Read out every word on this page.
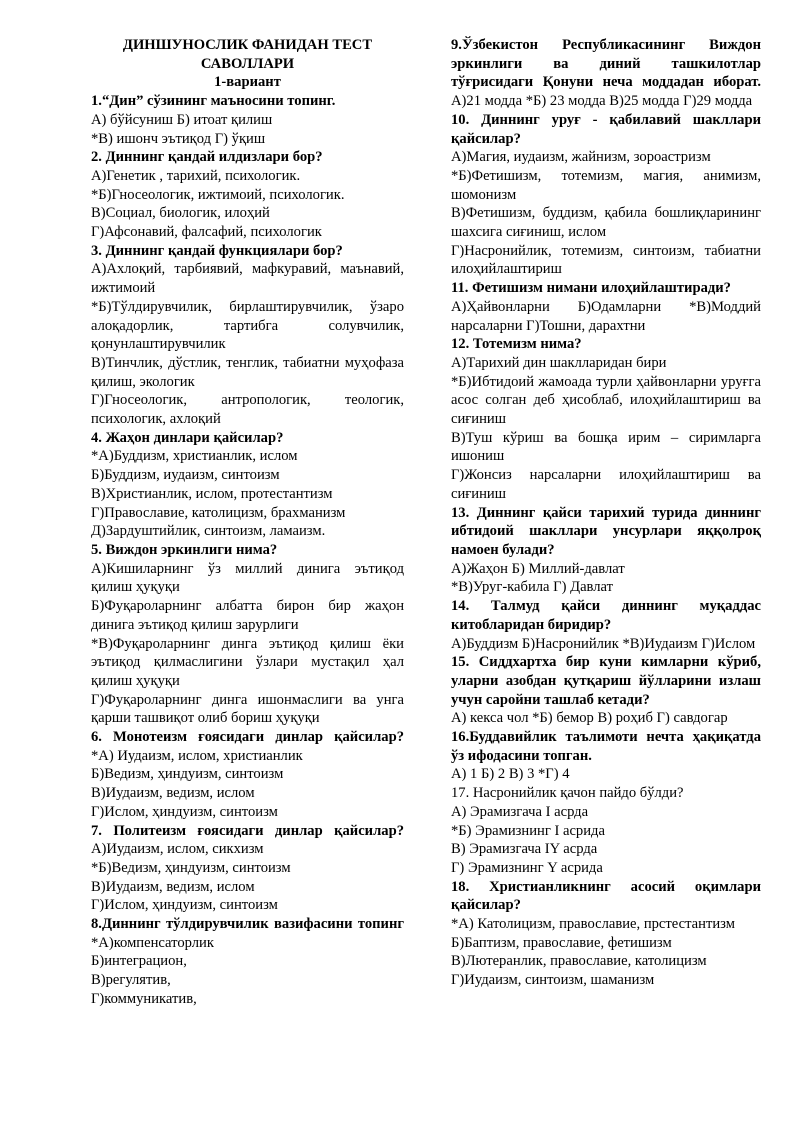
ДИНШУНОСЛИК ФАНИДАН ТЕСТ
САВОЛЛАРИ
1-вариант
1.“Дин” сўзининг маъносини топинг.
А) бўйсуниш Б) итоат қилиш
*В) ишонч эътиқод Г) ўқиш
2. Диннинг қандай илдизлари бор?
А)Генетик , тарихий, психологик.
*Б)Гносеологик, ижтимоий, психологик.
В)Социал, биологик, илоҳий
Г)Афсонавий, фалсафий, психологик
3. Диннинг қандай функциялари бор?
А)Ахлоқий, тарбиявий, мафкуравий, маънавий, ижтимоий
*Б)Тўлдирувчилик, бирлаштирувчилик, ўзаро алоқадорлик, тартибга солувчилик, қонунлаштирувчилик
В)Тинчлик, дўстлик, тенглик, табиатни муҳофаза қилиш, экологик
Г)Гносеологик, антропологик, теологик, психологик, ахлоқий
4. Жаҳон динлари қайсилар?
*А)Буддизм, христианлик, ислом
Б)Буддизм, иудаизм, синтоизм
В)Христианлик, ислом, протестантизм
Г)Православие, католицизм, брахманизм
Д)Зардуштийлик, синтоизм, ламаизм.
5. Виждон эркинлиги нима?
А)Кишиларнинг ўз миллий динига эътиқод қилиш ҳуқуқи
Б)Фуқароларнинг албатта бирон бир жаҳон динига эътиқод қилиш зарурлиги
*В)Фуқароларнинг динга эътиқод қилиш ёки эътиқод қилмаслигини ўзлари мустақил ҳал қилиш ҳуқуқи
Г)Фуқароларнинг динга ишонмаслиги ва унга қарши ташвиқот олиб бориш ҳуқуқи
6. Монотеизм ғоясидаги динлар қайсилар?
*А) Иудаизм, ислом, христианлик
Б)Ведизм, ҳиндуизм, синтоизм
В)Иудаизм, ведизм, ислом
Г)Ислом, ҳиндуизм, синтоизм
7. Политеизм ғоясидаги динлар қайсилар?
А)Иудаизм, ислом, сикхизм
*Б)Ведизм, ҳиндуизм, синтоизм
В)Иудаизм, ведизм, ислом
Г)Ислом, ҳиндуизм, синтоизм
8.Диннинг тўлдирувчилик вазифасини топинг
*А)компенсаторлик
Б)интеграцион,
В)регулятив,
Г)коммуникатив,
9.Ўзбекистон Республикасининг Виждон эркинлиги ва диний ташкилотлар тўғрисидаги Қонуни неча моддадан иборат. А)21 модда *Б) 23 модда В)25 модда Г)29 модда
10. Диннинг уруғ - қабилавий шакллари қайсилар?
А)Магия, иудаизм, жайнизм, зороастризм
*Б)Фетишизм, тотемизм, магия, анимизм, шомонизм
В)Фетишизм, буддизм, қабила бошлиқларининг шахсига сиғиниш, ислом
Г)Насронийлик, тотемизм, синтоизм, табиатни илоҳийлаштириш
11. Фетишизм нимани илоҳийлаштиради?
А)Ҳайвонларни Б)Одамларни *В)Моддий нарсаларни Г)Тошни, дарахтни
12. Тотемизм нима?
А)Тарихий дин шаклларидан бири
*Б)Ибтидоий жамоада турли ҳайвонларни уруғга асос солган деб ҳисоблаб, илоҳийлаштириш ва сиғиниш
В)Туш кўриш ва бошқа ирим – сиримларга ишониш
Г)Жонсиз нарсаларни илоҳийлаштириш ва сиғиниш
13. Диннинг қайси тарихий турида диннинг ибтидоий шакллари унсурлари яққолроқ намоен булади?
А)Жаҳон Б) Миллий-давлат
*В)Уруг-кабила Г) Давлат
14. Талмуд қайси диннинг муқаддас китобларидан биридир?
А)Буддизм Б)Насронийлик *В)Иудаизм Г)Ислом
15. Сиддхартха бир куни кимларни кўриб, уларни азобдан қутқариш йўлларини излаш учун саройни ташлаб кетади?
А) кекса чол *Б) бемор В) роҳиб Г) савдогар
16.Буддавийлик таълимоти нечта ҳақиқатда ўз ифодасини топган.
А) 1 Б) 2 В) 3 *Г) 4
17. Насронийлик қачон пайдо бўлди?
А) Эрамизгача I асрда
*Б) Эрамизнинг I асрида
В) Эрамизгача IY асрда
Г) Эрамизнинг Y асрида
18. Христианликнинг асосий оқимлари қайсилар?
*А) Католицизм, православие, прстестантизм
Б)Баптизм, православие, фетишизм
В)Лютеранлик, православие, католицизм
Г)Иудаизм, синтоизм, шаманизм
